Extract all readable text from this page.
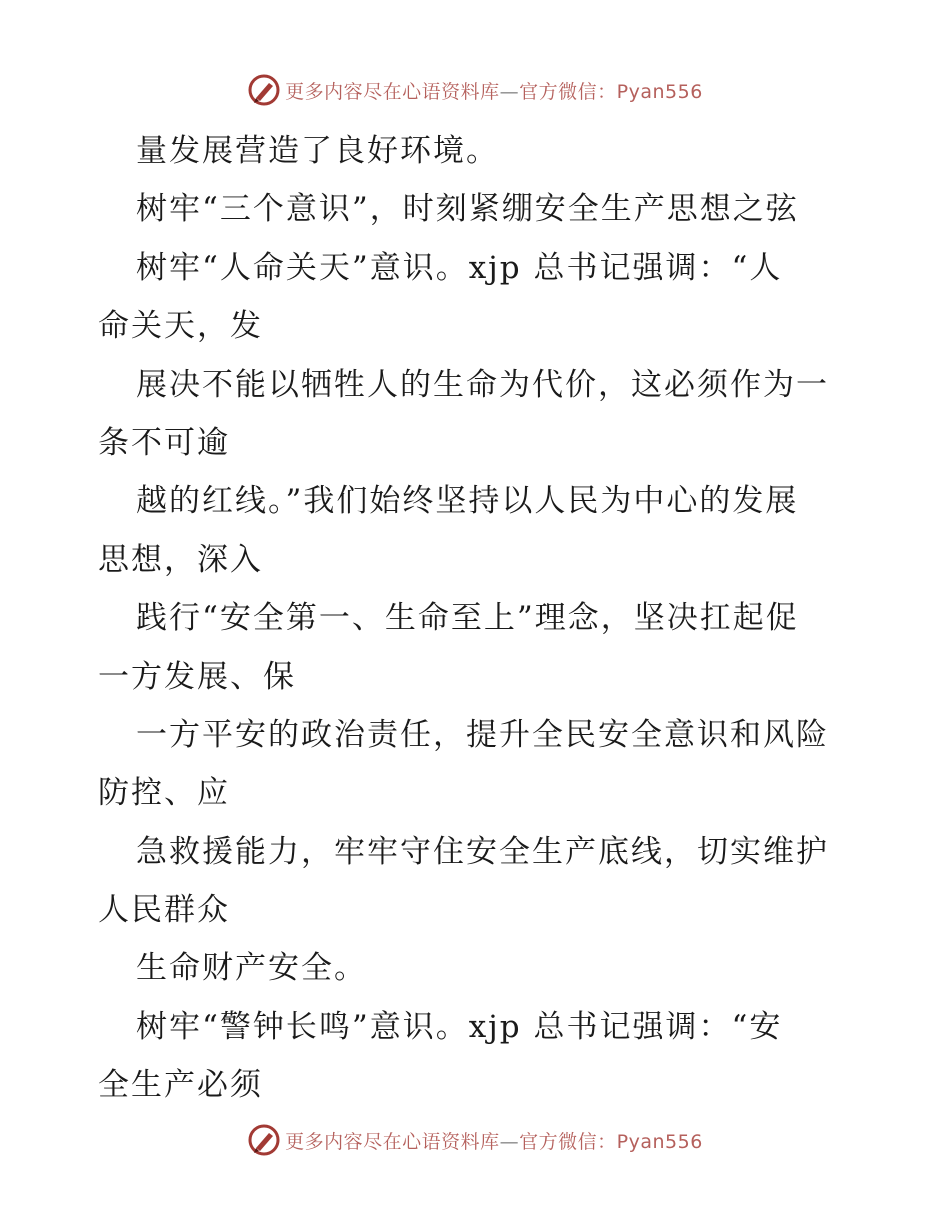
更多内容尽在心语资料库—官方微信：Pyan556
量发展营造了良好环境。
树牢“三个意识”，时刻紧绷安全生产思想之弦
树牢“人命关天”意识。xjp 总书记强调：“人
命关天，发
展决不能以牺牲人的生命为代价，这必须作为一
条不可逾
越的红线。”我们始终坚持以人民为中心的发展
思想，深入
践行“安全第一、生命至上”理念，坚决扛起促
一方发展、保
一方平安的政治责任，提升全民安全意识和风险
防控、应
急救援能力，牢牢守住安全生产底线，切实维护
人民群众
生命财产安全。
树牢“警钟长鸣”意识。xjp 总书记强调：“安
全生产必须
更多内容尽在心语资料库—官方微信：Pyan556
